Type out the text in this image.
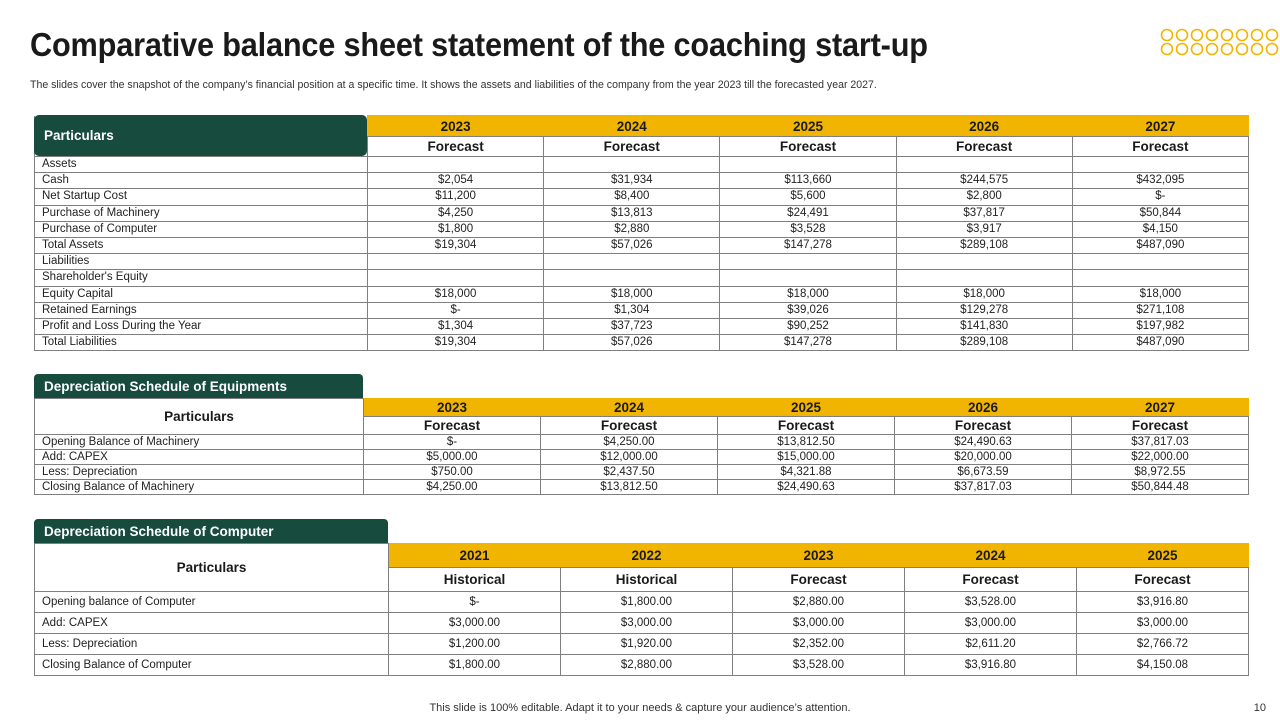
Comparative balance sheet statement of the coaching start-up
The slides cover the snapshot of the company’s financial position at a specific time. It shows the assets and liabilities of the company from the year 2023 till the forecasted year 2027.
	2023	2024	2025	2026	2027
	Forecast	Forecast	Forecast	Forecast	Forecast
Assets					
Cash	$2,054	$31,934	$113,660	$244,575	$432,095
Net Startup Cost	$11,200	$8,400	$5,600	$2,800	$-
Purchase of Machinery	$4,250	$13,813	$24,491	$37,817	$50,844
Purchase of Computer	$1,800	$2,880	$3,528	$3,917	$4,150
Total Assets	$19,304	$57,026	$147,278	$289,108	$487,090
Liabilities					
Shareholder's Equity					
Equity Capital	$18,000	$18,000	$18,000	$18,000	$18,000
Retained Earnings	$-	$1,304	$39,026	$129,278	$271,108
Profit and Loss During the Year	$1,304	$37,723	$90,252	$141,830	$197,982
Total Liabilities	$19,304	$57,026	$147,278	$289,108	$487,090
Particulars
Depreciation Schedule of Equipments
Particulars	2023	2024	2025	2026	2027
	Forecast	Forecast	Forecast	Forecast	Forecast
Opening Balance of Machinery	$-	$4,250.00	$13,812.50	$24,490.63	$37,817.03
Add: CAPEX	$5,000.00	$12,000.00	$15,000.00	$20,000.00	$22,000.00
Less: Depreciation	$750.00	$2,437.50	$4,321.88	$6,673.59	$8,972.55
Closing Balance of Machinery	$4,250.00	$13,812.50	$24,490.63	$37,817.03	$50,844.48
Depreciation Schedule of Computer
Particulars	2021	2022	2023	2024	2025
	Historical	Historical	Forecast	Forecast	Forecast
Opening balance of Computer	$-	$1,800.00	$2,880.00	$3,528.00	$3,916.80
Add: CAPEX	$3,000.00	$3,000.00	$3,000.00	$3,000.00	$3,000.00
Less: Depreciation	$1,200.00	$1,920.00	$2,352.00	$2,611.20	$2,766.72
Closing Balance of Computer	$1,800.00	$2,880.00	$3,528.00	$3,916.80	$4,150.08
This slide is 100% editable. Adapt it to your needs & capture your audience’s attention.	10
